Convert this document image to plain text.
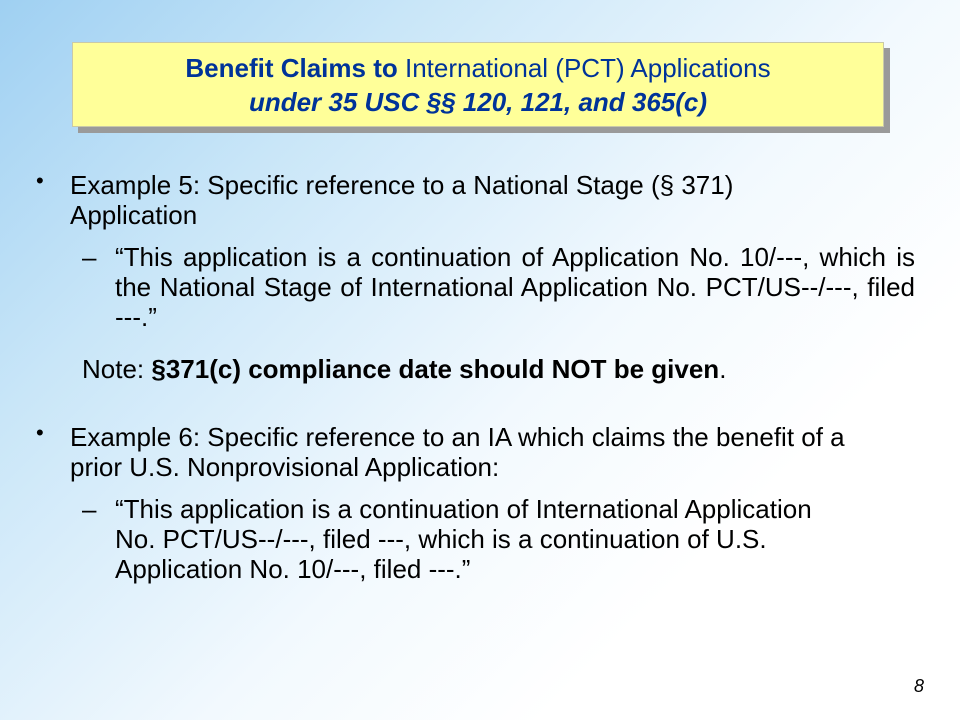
Benefit Claims to International (PCT) Applications
under 35 USC §§ 120, 121, and 365(c)
• Example 5: Specific reference to a National Stage (§ 371) Application
– “This application is a continuation of Application No. 10/---, which is the National Stage of International Application No. PCT/US--/---, filed ---.”
Note: §371(c) compliance date should NOT be given.
• Example 6: Specific reference to an IA which claims the benefit of a prior U.S. Nonprovisional Application:
– “This application is a continuation of International Application No. PCT/US--/---, filed ---, which is a continuation of U.S. Application No. 10/---, filed ---.”
8
